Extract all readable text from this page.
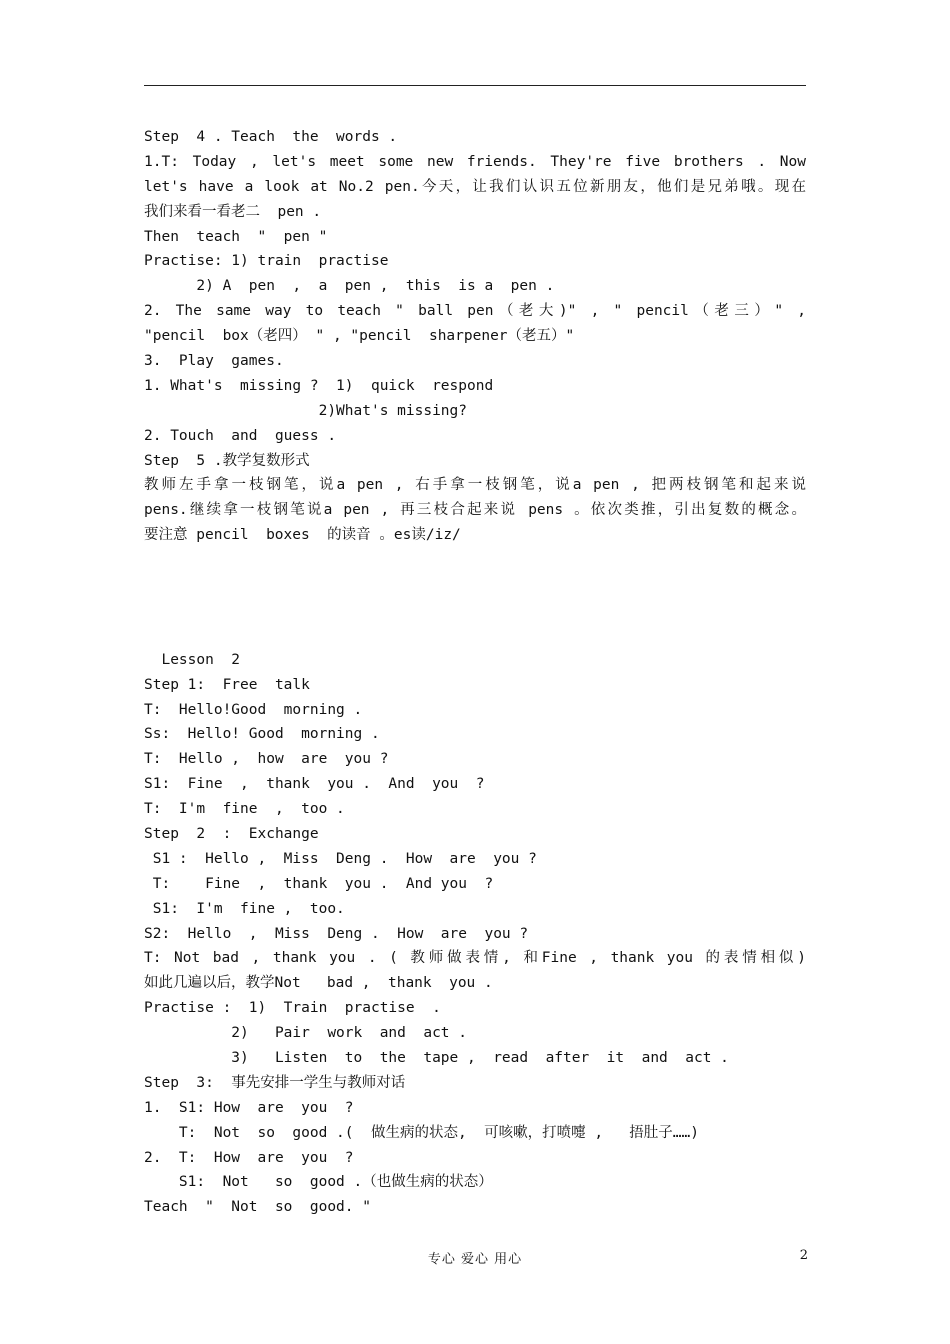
Step  4 . Teach  the  words .
1.T: Today , let's meet some new friends. They're five brothers . Now
let's have a look at No.2 pen.今天，让我们认识五位新朋友，他们是兄弟哦。现在
我们来看一看老二  pen .
Then  teach  "  pen "
Practise: 1) train  practise
2) A  pen  ,  a  pen ,  this  is a  pen .
2. The same way to teach " ball pen（老大)" , " pencil（老三）" ,
"pencil  box（老四） " , "pencil  sharpener（老五）"
3.  Play  games.
1. What's  missing ?  1)  quick  respond
2)What's missing?
2. Touch  and  guess .
Step  5 .教学复数形式
教师左手拿一枝钢笔，说a pen , 右手拿一枝钢笔，说a pen , 把两枝钢笔和起来说
pens.继续拿一枝钢笔说a pen , 再三枝合起来说 pens 。依次类推，引出复数的概念。
要注意 pencil  boxes  的读音 。es读/iz/
Lesson  2
Step 1:  Free  talk
T:  Hello!Good  morning .
Ss:  Hello! Good  morning .
T:  Hello ,  how  are  you ?
S1:  Fine  ,  thank  you .  And  you  ?
T:  I'm  fine  ,  too .
Step  2  :  Exchange
S1 :  Hello ,  Miss  Deng .  How  are  you ?
T:    Fine  ,  thank  you .  And you  ?
S1:  I'm  fine ,  too.
S2:  Hello  ,  Miss  Deng .  How  are  you ?
T: Not bad , thank you . ( 教师做表情, 和Fine , thank you 的表情相似)
如此几遍以后，教学Not   bad ,  thank  you .
Practise :  1)  Train  practise  .
2)   Pair  work  and  act .
3)   Listen  to  the  tape ,  read  after  it  and  act .
Step  3:  事先安排一学生与教师对话
1.  S1: How  are  you  ?
T:  Not  so  good .(  做生病的状态,  可咳嗽，打喷嚏 ,   捂肚子……)
2.  T:  How  are  you  ?
S1:  Not   so  good .（也做生病的状态）
Teach  "  Not  so  good. "
专心 爱心 用心	2
